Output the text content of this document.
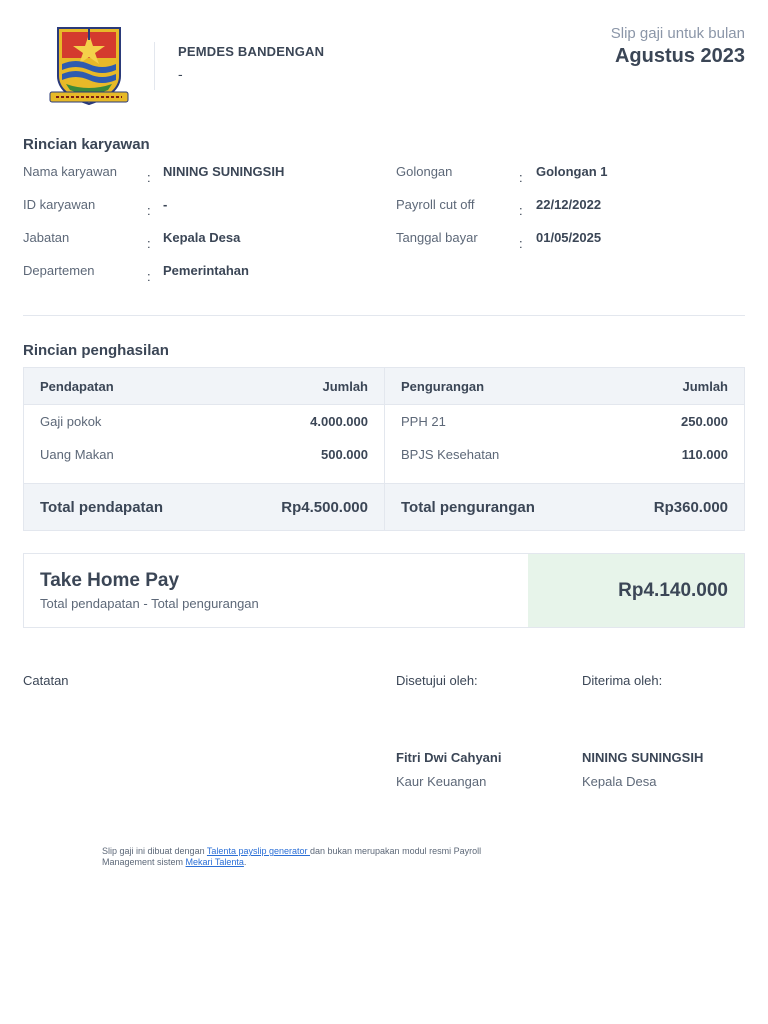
PEMDES BANDENGAN
-
Slip gaji untuk bulan
Agustus 2023
Rincian karyawan
Nama karyawan : NINING SUNINGSIH
ID karyawan	: -
Jabatan	: Kepala Desa
Departemen	: Pemerintahan
Golongan	: Golongan 1
Payroll cut off	: 22/12/2022
Tanggal bayar	: 01/05/2025
Rincian penghasilan
Pendapatan	Jumlah
Gaji pokok	4.000.000
Uang Makan	500.000
Total pendapatan	Rp4.500.000
Pengurangan	Jumlah
PPH 21	250.000
BPJS Kesehatan	110.000
Total pengurangan	Rp360.000
Take Home Pay
Total pendapatan - Total pengurangan
Rp4.140.000
Catatan	Disetujui oleh:	Diterima oleh:
Fitri Dwi Cahyani
Kaur Keuangan
NINING SUNINGSIH
Kepala Desa
Slip gaji ini dibuat dengan Talenta payslip generator dan bukan merupakan modul resmi Payroll Management sistem Mekari Talenta.
